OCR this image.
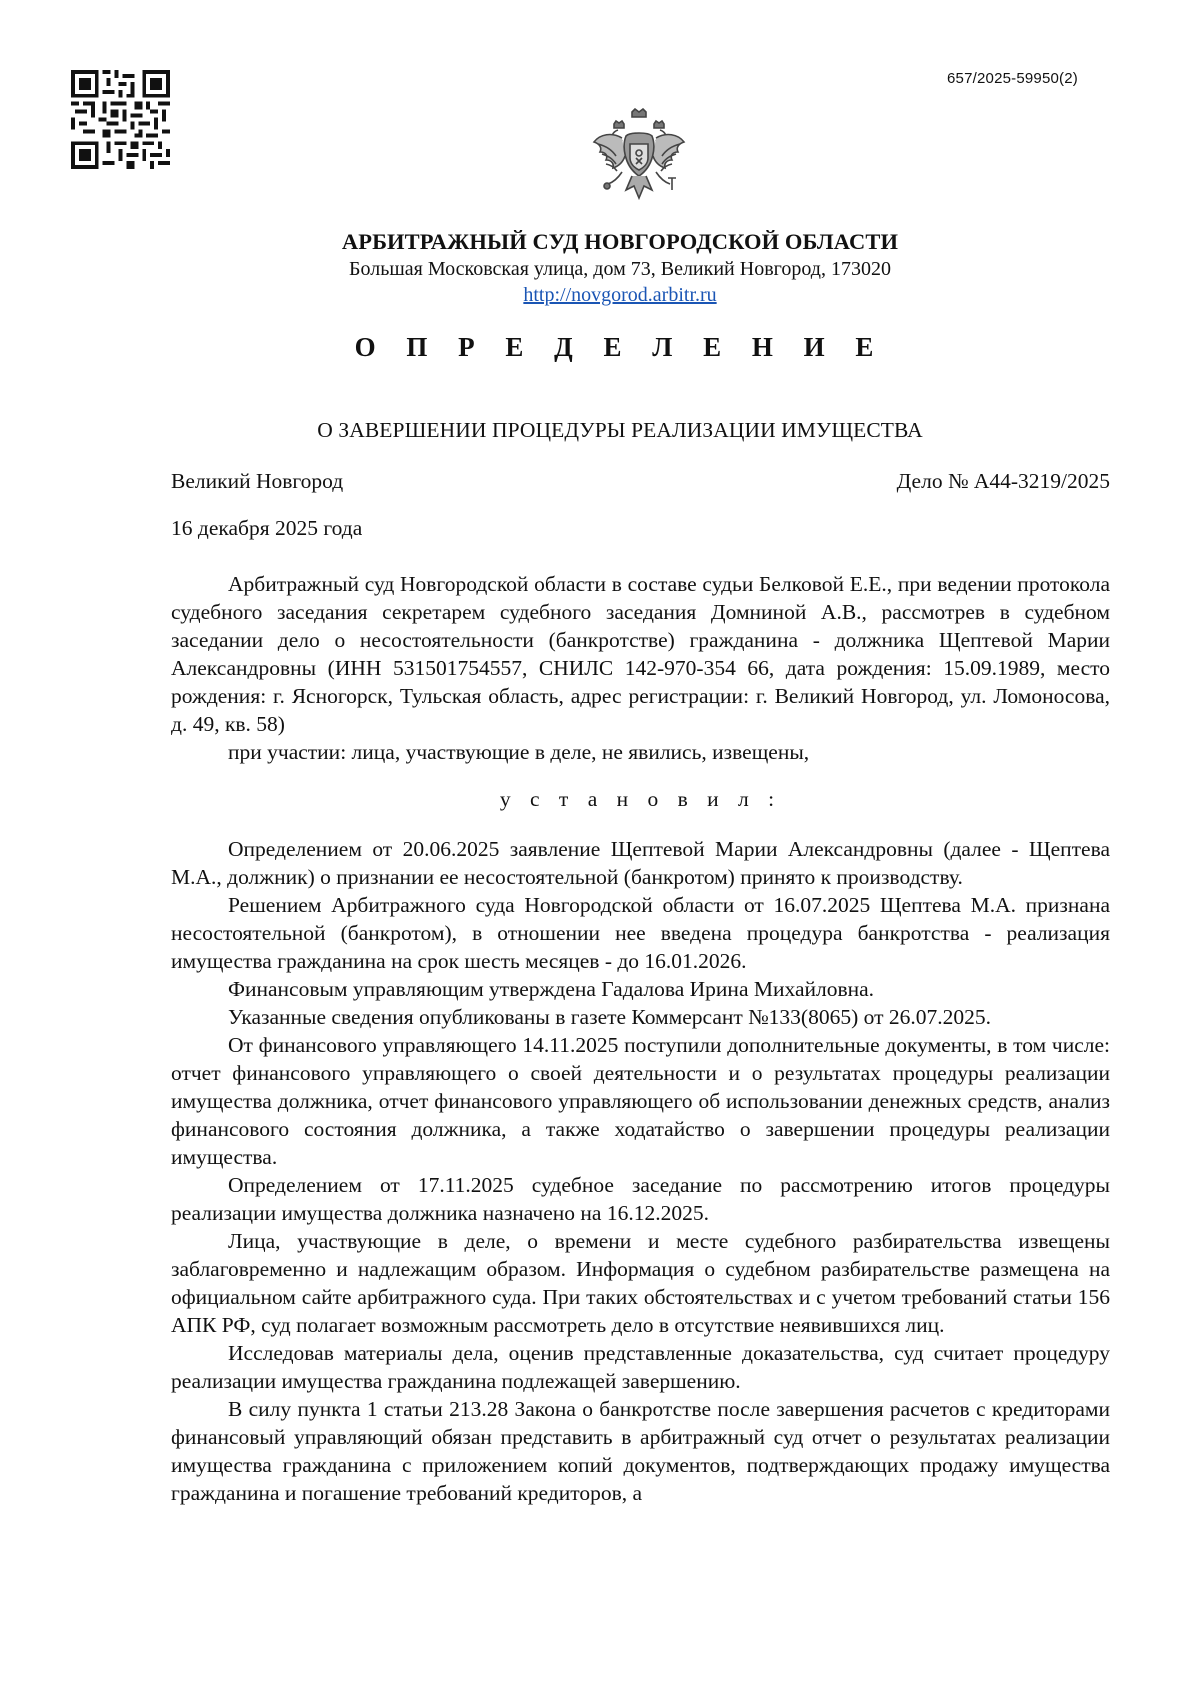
657/2025-59950(2)
АРБИТРАЖНЫЙ СУД НОВГОРОДСКОЙ ОБЛАСТИ
Большая Московская улица, дом 73, Великий Новгород, 173020
http://novgorod.arbitr.ru
О П Р Е Д Е Л Е Н И Е
О ЗАВЕРШЕНИИ ПРОЦЕДУРЫ РЕАЛИЗАЦИИ ИМУЩЕСТВА
Великий Новгород	Дело № А44-3219/2025
16 декабря 2025 года

Арбитражный суд Новгородской области в составе судьи Белковой Е.Е., при ведении протокола судебного заседания секретарем судебного заседания Домниной А.В., рассмотрев в судебном заседании дело о несостоятельности (банкротстве) гражданина - должника Щептевой Марии Александровны (ИНН 531501754557, СНИЛС 142-970-354 66, дата рождения: 15.09.1989, место рождения: г. Ясногорск, Тульская область, адрес регистрации: г. Великий Новгород, ул. Ломоносова, д. 49, кв. 58)

при участии: лица, участвующие в деле, не явились, извещены,

у с т а н о в и л :

Определением от 20.06.2025 заявление Щептевой Марии Александровны (далее - Щептева М.А., должник) о признании ее несостоятельной (банкротом) принято к производству.

Решением Арбитражного суда Новгородской области от 16.07.2025 Щептева М.А. признана несостоятельной (банкротом), в отношении нее введена процедура банкротства - реализация имущества гражданина на срок шесть месяцев - до 16.01.2026.

Финансовым управляющим утверждена Гадалова Ирина Михайловна.

Указанные сведения опубликованы в газете Коммерсант №133(8065) от 26.07.2025.

От финансового управляющего 14.11.2025 поступили дополнительные документы, в том числе: отчет финансового управляющего о своей деятельности и о результатах процедуры реализации имущества должника, отчет финансового управляющего об использовании денежных средств, анализ финансового состояния должника, а также ходатайство о завершении процедуры реализации имущества.

Определением от 17.11.2025 судебное заседание по рассмотрению итогов процедуры реализации имущества должника назначено на 16.12.2025.

Лица, участвующие в деле, о времени и месте судебного разбирательства извещены заблаговременно и надлежащим образом. Информация о судебном разбирательстве размещена на официальном сайте арбитражного суда. При таких обстоятельствах и с учетом требований статьи 156 АПК РФ, суд полагает возможным рассмотреть дело в отсутствие неявившихся лиц.

Исследовав материалы дела, оценив представленные доказательства, суд считает процедуру реализации имущества гражданина подлежащей завершению.

В силу пункта 1 статьи 213.28 Закона о банкротстве после завершения расчетов с кредиторами финансовый управляющий обязан представить в арбитражный суд отчет о результатах реализации имущества гражданина с приложением копий документов, подтверждающих продажу имущества гражданина и погашение требований кредиторов, а
